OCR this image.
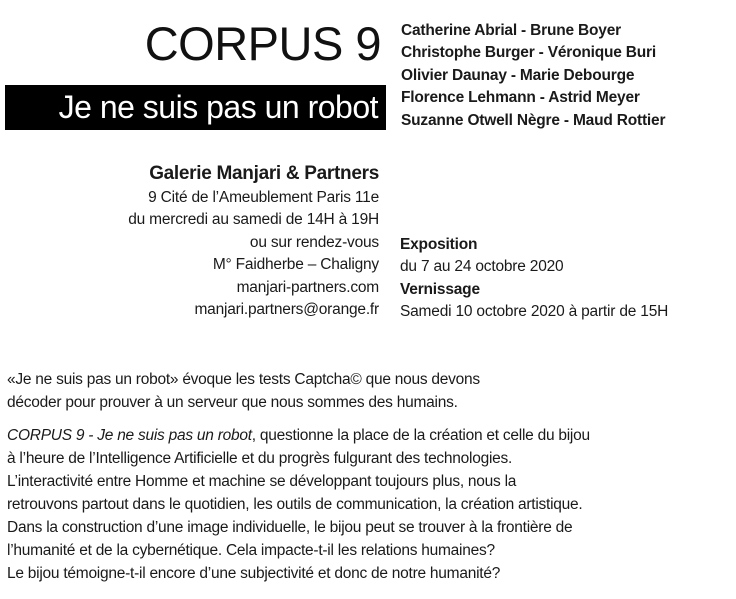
CORPUS 9
Je ne suis pas un robot
Catherine Abrial - Brune Boyer
Christophe Burger - Véronique Buri
Olivier Daunay - Marie Debourge
Florence Lehmann - Astrid Meyer
Suzanne Otwell Nègre - Maud Rottier
Galerie Manjari & Partners
9 Cité de l’Ameublement Paris 11e
du mercredi au samedi de 14H à 19H
ou sur rendez-vous
M° Faidherbe – Chaligny
manjari-partners.com
manjari.partners@orange.fr
Exposition
du 7 au 24 octobre 2020
Vernissage
Samedi 10 octobre 2020 à partir de 15H
«Je ne suis pas un robot» évoque les tests Captcha© que nous devons
décoder pour prouver à un serveur que nous sommes des humains.
CORPUS 9 - Je ne suis pas un robot, questionne la place de la création et celle du bijou
à l’heure de l’Intelligence Artificielle et du progrès fulgurant des technologies.
L’interactivité entre Homme et machine se développant toujours plus, nous la
retrouvons partout dans le quotidien, les outils de communication, la création artistique.
Dans la construction d’une image individuelle, le bijou peut se trouver à la frontière de
l’humanité et de la cybernétique. Cela impacte-t-il les relations humaines?
Le bijou témoigne-t-il encore d’une subjectivité et donc de notre humanité?
